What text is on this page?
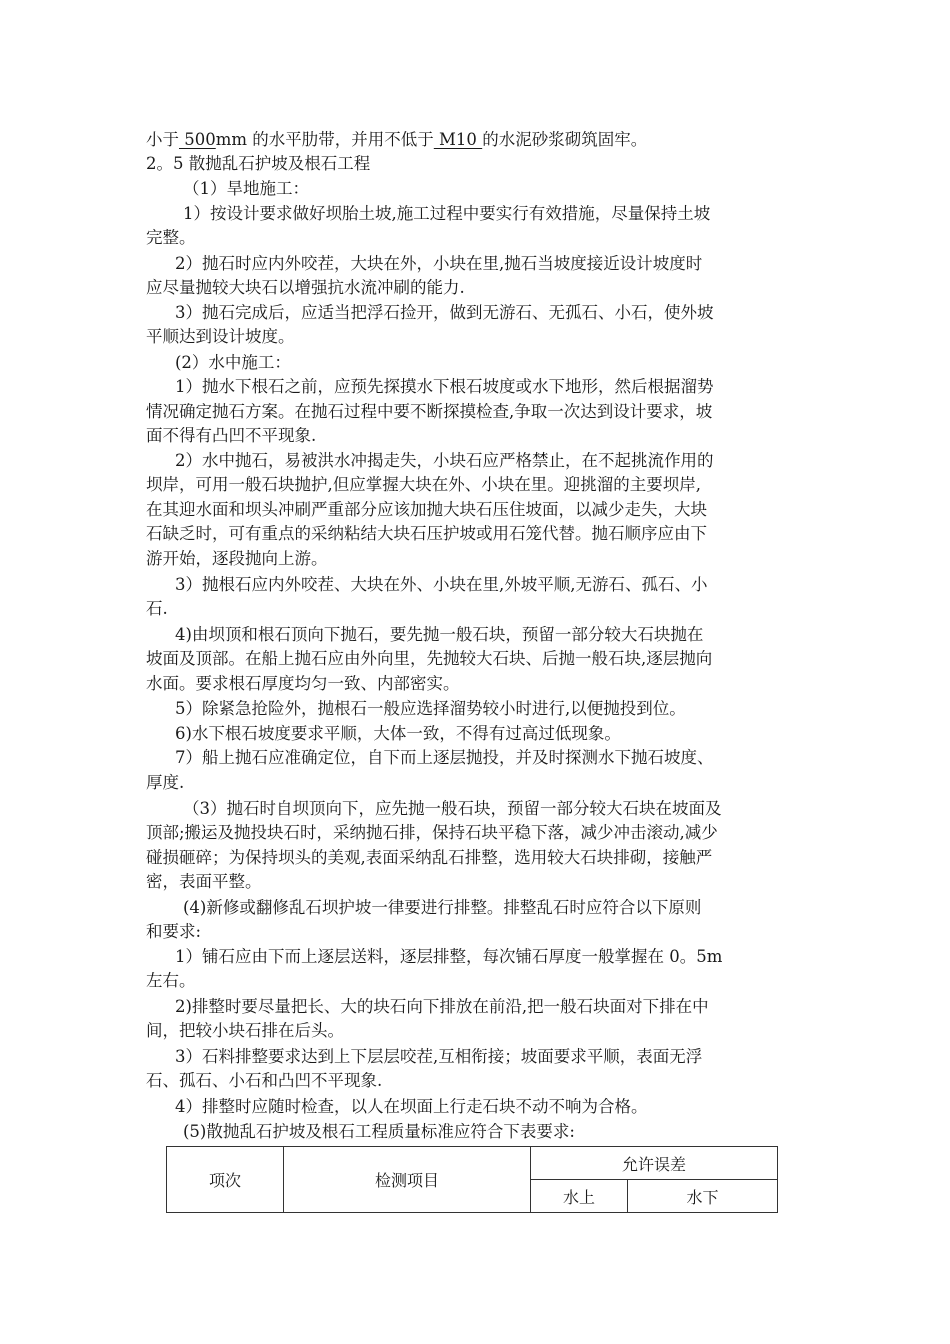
小于 500mm 的水平肋带，并用不低于 M10 的水泥砂浆砌筑固牢。
2。5 散抛乱石护坡及根石工程
（1）旱地施工：
1）按设计要求做好坝胎土坡,施工过程中要实行有效措施，尽量保持土坡
完整。
2）抛石时应内外咬茬，大块在外，小块在里,抛石当坡度接近设计坡度时
应尽量抛较大块石以增强抗水流冲刷的能力.
3）抛石完成后，应适当把浮石捡开，做到无游石、无孤石、小石，使外坡
平顺达到设计坡度。
(2）水中施工：
1）抛水下根石之前，应预先探摸水下根石坡度或水下地形，然后根据溜势
情况确定抛石方案。在抛石过程中要不断探摸检查,争取一次达到设计要求，坡
面不得有凸凹不平现象.
2）水中抛石，易被洪水冲揭走失，小块石应严格禁止，在不起挑流作用的
坝岸，可用一般石块抛护,但应掌握大块在外、小块在里。迎挑溜的主要坝岸,
在其迎水面和坝头冲刷严重部分应该加抛大块石压住坡面，以减少走失，大块
石缺乏时，可有重点的采纳粘结大块石压护坡或用石笼代替。抛石顺序应由下
游开始，逐段抛向上游。
3）抛根石应内外咬茬、大块在外、小块在里,外坡平顺,无游石、孤石、小
石.
4)由坝顶和根石顶向下抛石，要先抛一般石块，预留一部分较大石块抛在
坡面及顶部。在船上抛石应由外向里，先抛较大石块、后抛一般石块,逐层抛向
水面。要求根石厚度均匀一致、内部密实。
5）除紧急抢险外，抛根石一般应选择溜势较小时进行,以便抛投到位。
6)水下根石坡度要求平顺，大体一致，不得有过高过低现象。
7）船上抛石应准确定位，自下而上逐层抛投，并及时探测水下抛石坡度、
厚度.
（3）抛石时自坝顶向下，应先抛一般石块，预留一部分较大石块在坡面及
顶部;搬运及抛投块石时，采纳抛石排，保持石块平稳下落，减少冲击滚动,减少
碰损砸碎；为保持坝头的美观,表面采纳乱石排整，选用较大石块排砌，接触严
密，表面平整。
(4)新修或翻修乱石坝护坡一律要进行排整。排整乱石时应符合以下原则
和要求:
1）铺石应由下而上逐层送料，逐层排整，每次铺石厚度一般掌握在 0。5m
左右。
2)排整时要尽量把长、大的块石向下排放在前沿,把一般石块面对下排在中
间，把较小块石排在后头。
3）石料排整要求达到上下层层咬茬,互相衔接；坡面要求平顺，表面无浮
石、孤石、小石和凸凹不平现象.
4）排整时应随时检查，以人在坝面上行走石块不动不响为合格。
(5)散抛乱石护坡及根石工程质量标准应符合下表要求:
项次	检测项目	允许误差	
		水上	水下
